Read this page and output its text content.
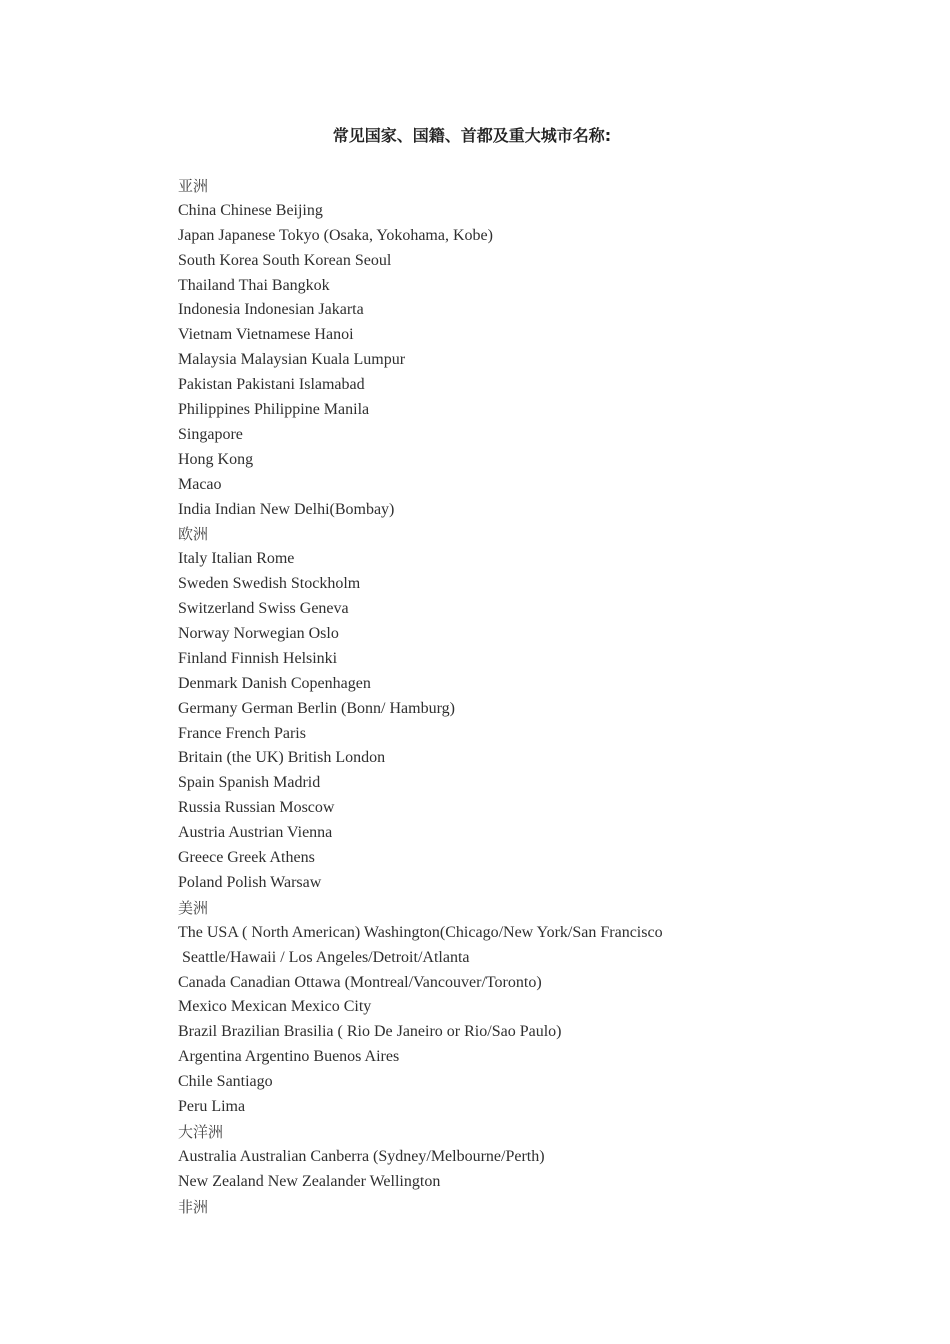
常见国家、国籍、首都及重大城市名称:
亚洲
China Chinese Beijing
Japan Japanese Tokyo (Osaka, Yokohama, Kobe)
South Korea South Korean Seoul
Thailand Thai Bangkok
Indonesia Indonesian Jakarta
Vietnam Vietnamese Hanoi
Malaysia Malaysian Kuala Lumpur
Pakistan Pakistani Islamabad
Philippines Philippine Manila
Singapore
Hong Kong
Macao
India Indian New Delhi(Bombay)
欧洲
Italy Italian Rome
Sweden Swedish Stockholm
Switzerland Swiss Geneva
Norway Norwegian Oslo
Finland Finnish Helsinki
Denmark Danish Copenhagen
Germany German Berlin (Bonn/ Hamburg)
France French Paris
Britain (the UK) British London
Spain Spanish Madrid
Russia Russian Moscow
Austria Austrian Vienna
Greece Greek Athens
Poland Polish Warsaw
美洲
The USA ( North American) Washington(Chicago/New York/San Francisco
Seattle/Hawaii / Los Angeles/Detroit/Atlanta
Canada Canadian Ottawa (Montreal/Vancouver/Toronto)
Mexico Mexican Mexico City
Brazil Brazilian Brasilia ( Rio De Janeiro or Rio/Sao Paulo)
Argentina Argentino Buenos Aires
Chile Santiago
Peru Lima
大洋洲
Australia Australian Canberra (Sydney/Melbourne/Perth)
New Zealand New Zealander Wellington
非洲
